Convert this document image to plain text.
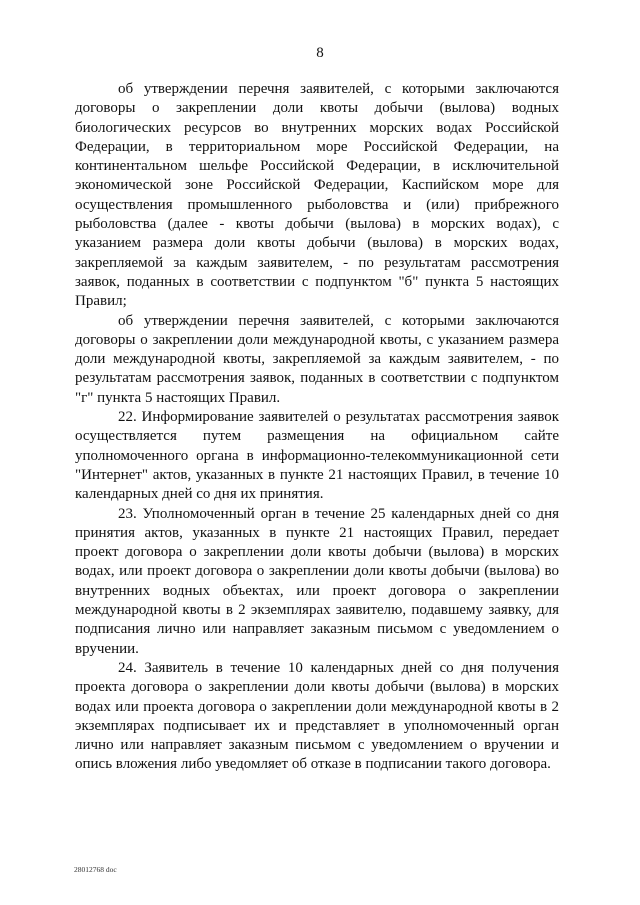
8

об утверждении перечня заявителей, с которыми заключаются договоры о закреплении доли квоты добычи (вылова) водных биологических ресурсов во внутренних морских водах Российской Федерации, в территориальном море Российской Федерации, на континентальном шельфе Российской Федерации, в исключительной экономической зоне Российской Федерации, Каспийском море для осуществления промышленного рыболовства и (или) прибрежного рыболовства (далее - квоты добычи (вылова) в морских водах), с указанием размера доли квоты добычи (вылова) в морских водах, закрепляемой за каждым заявителем, - по результатам рассмотрения заявок, поданных в соответствии с подпунктом "б" пункта 5 настоящих Правил;

об утверждении перечня заявителей, с которыми заключаются договоры о закреплении доли международной квоты, с указанием размера доли международной квоты, закрепляемой за каждым заявителем, - по результатам рассмотрения заявок, поданных в соответствии с подпунктом "г" пункта 5 настоящих Правил.

22. Информирование заявителей о результатах рассмотрения заявок осуществляется путем размещения на официальном сайте уполномоченного органа в информационно-телекоммуникационной сети "Интернет" актов, указанных в пункте 21 настоящих Правил, в течение 10 календарных дней со дня их принятия.

23. Уполномоченный орган в течение 25 календарных дней со дня принятия актов, указанных в пункте 21 настоящих Правил, передает проект договора о закреплении доли квоты добычи (вылова) в морских водах, или проект договора о закреплении доли квоты добычи (вылова) во внутренних водных объектах, или проект договора о закреплении международной квоты в 2 экземплярах заявителю, подавшему заявку, для подписания лично или направляет заказным письмом с уведомлением о вручении.

24. Заявитель в течение 10 календарных дней со дня получения проекта договора о закреплении доли квоты добычи (вылова) в морских водах или проекта договора о закреплении доли международной квоты в 2 экземплярах подписывает их и представляет в уполномоченный орган лично или направляет заказным письмом с уведомлением о вручении и опись вложения либо уведомляет об отказе в подписании такого договора.

28012768 doc
